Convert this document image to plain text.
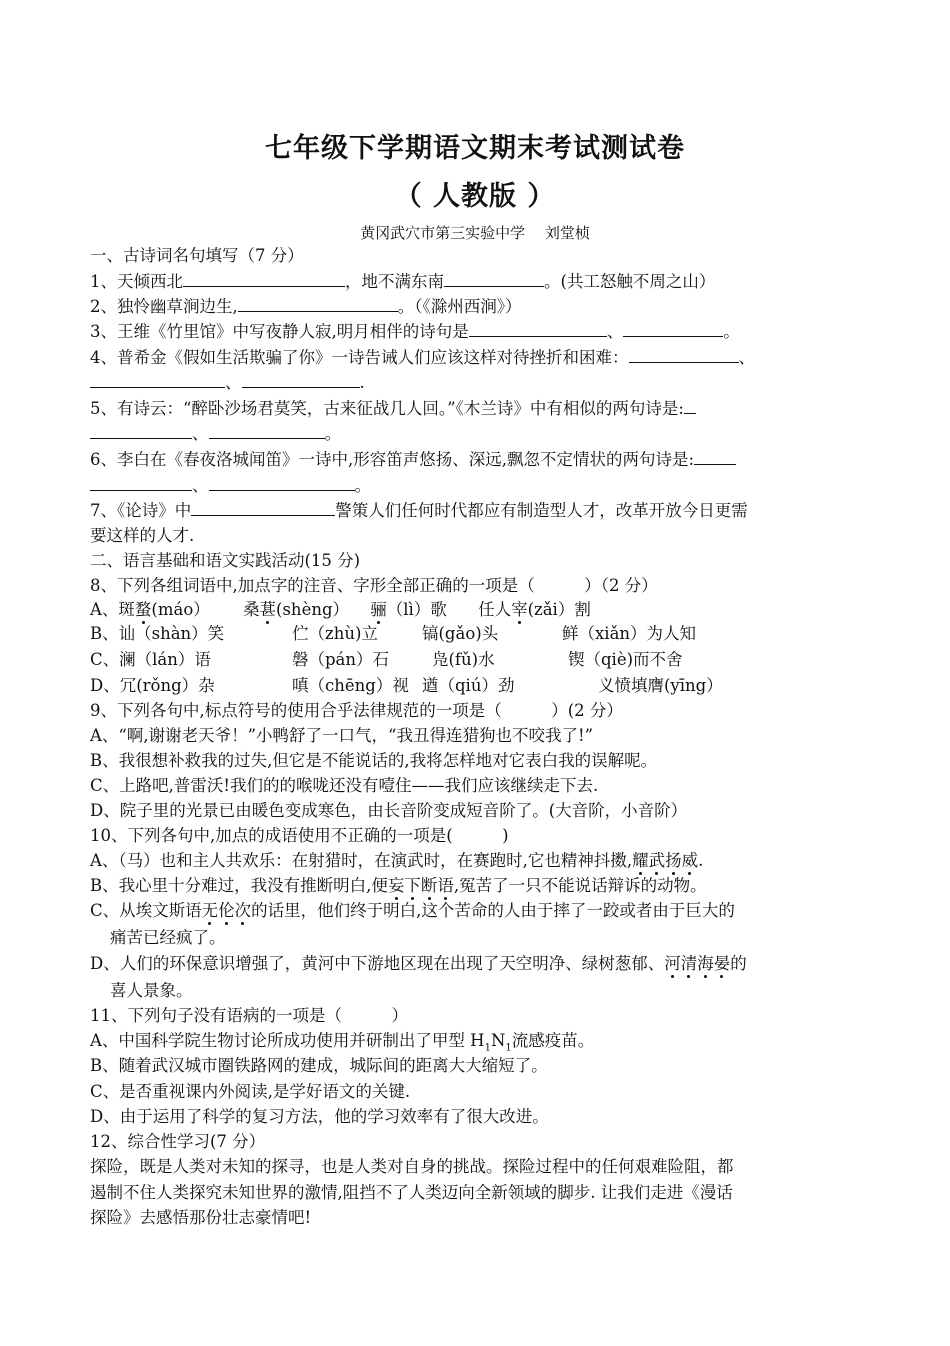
七年级下学期语文期末考试测试卷
（ 人教版 ）
黄冈武穴市第三实验中学　 刘堂桢
一、古诗词名句填写（7 分）
1、天倾西北	，地不满东南	。(共工怒触不周之山）
2、独怜幽草涧边生,	。（《滁州西涧》）
3、王维《竹里馆》中写夜静人寂,明月相伴的诗句是	、	。
4、普希金《假如生活欺骗了你》一诗告诫人们应该这样对待挫折和困难：	、
、	.
5、有诗云：“醉卧沙场君莫笑，古来征战几人回。”《木兰诗》中有相似的两句诗是:
、	。
6、李白在《春夜洛城闻笛》一诗中,形容笛声悠扬、深远,飘忽不定情状的两句诗是:
、	。
7、《论诗》中	警策人们任何时代都应有制造型人才，改革开放今日更需
要这样的人才.
二、语言基础和语文实践活动(15 分)
8、下列各组词语中,加点字的注音、字形全部正确的一项是（　　　）（2 分）
A、斑蝥(máo） 桑葚(shèng） 骊（lì）歌 任人宰(zǎi）割
B、讪（shàn）笑	伫（zhù)立	镐(gǎo)头	鲜（xiǎn）为人知
C、澜（lán）语	磐（pán）石	凫(fǔ)水	锲（qiè)而不舍
D、冗(rǒng）杂	嗔（chēng）视 遒（qiú）劲	义愤填膺(yīng）
9、下列各句中,标点符号的使用合乎法律规范的一项是（　　　）(2 分）
A、“啊,谢谢老天爷！”小鸭舒了一口气，“我丑得连猎狗也不咬我了!”
B、我很想补救我的过失,但它是不能说话的,我将怎样地对它表白我的误解呢。
C、上路吧,普雷沃!我们的的喉咙还没有噎住——我们应该继续走下去.
D、院子里的光景已由暖色变成寒色，由长音阶变成短音阶了。(大音阶，小音阶）
10、下列各句中,加点的成语使用不正确的一项是(　　　)
A、（马）也和主人共欢乐：在射猎时，在演武时，在赛跑时,它也精神抖擞,耀武扬威.
B、我心里十分难过，我没有推断明白,便妄下断语,冤苦了一只不能说话辩诉的动物。
C、从埃文斯语无伦次的话里，他们终于明白,这个苦命的人由于摔了一跤或者由于巨大的
痛苦已经疯了。
D、人们的环保意识增强了，黄河中下游地区现在出现了天空明净、绿树葱郁、河清海晏的
喜人景象。
11、下列句子没有语病的一项是（　　　）
A、中国科学院生物讨论所成功使用并研制出了甲型 $H_1N_1$流感疫苗。
B、随着武汉城市圈铁路网的建成，城际间的距离大大缩短了。
C、是否重视课内外阅读,是学好语文的关键.
D、由于运用了科学的复习方法，他的学习效率有了很大改进。
12、综合性学习(7 分）
探险，既是人类对未知的探寻，也是人类对自身的挑战。探险过程中的任何艰难险阻，都
遏制不住人类探究未知世界的激情,阻挡不了人类迈向全新领域的脚步. 让我们走进《漫话
探险》去感悟那份壮志豪情吧!
